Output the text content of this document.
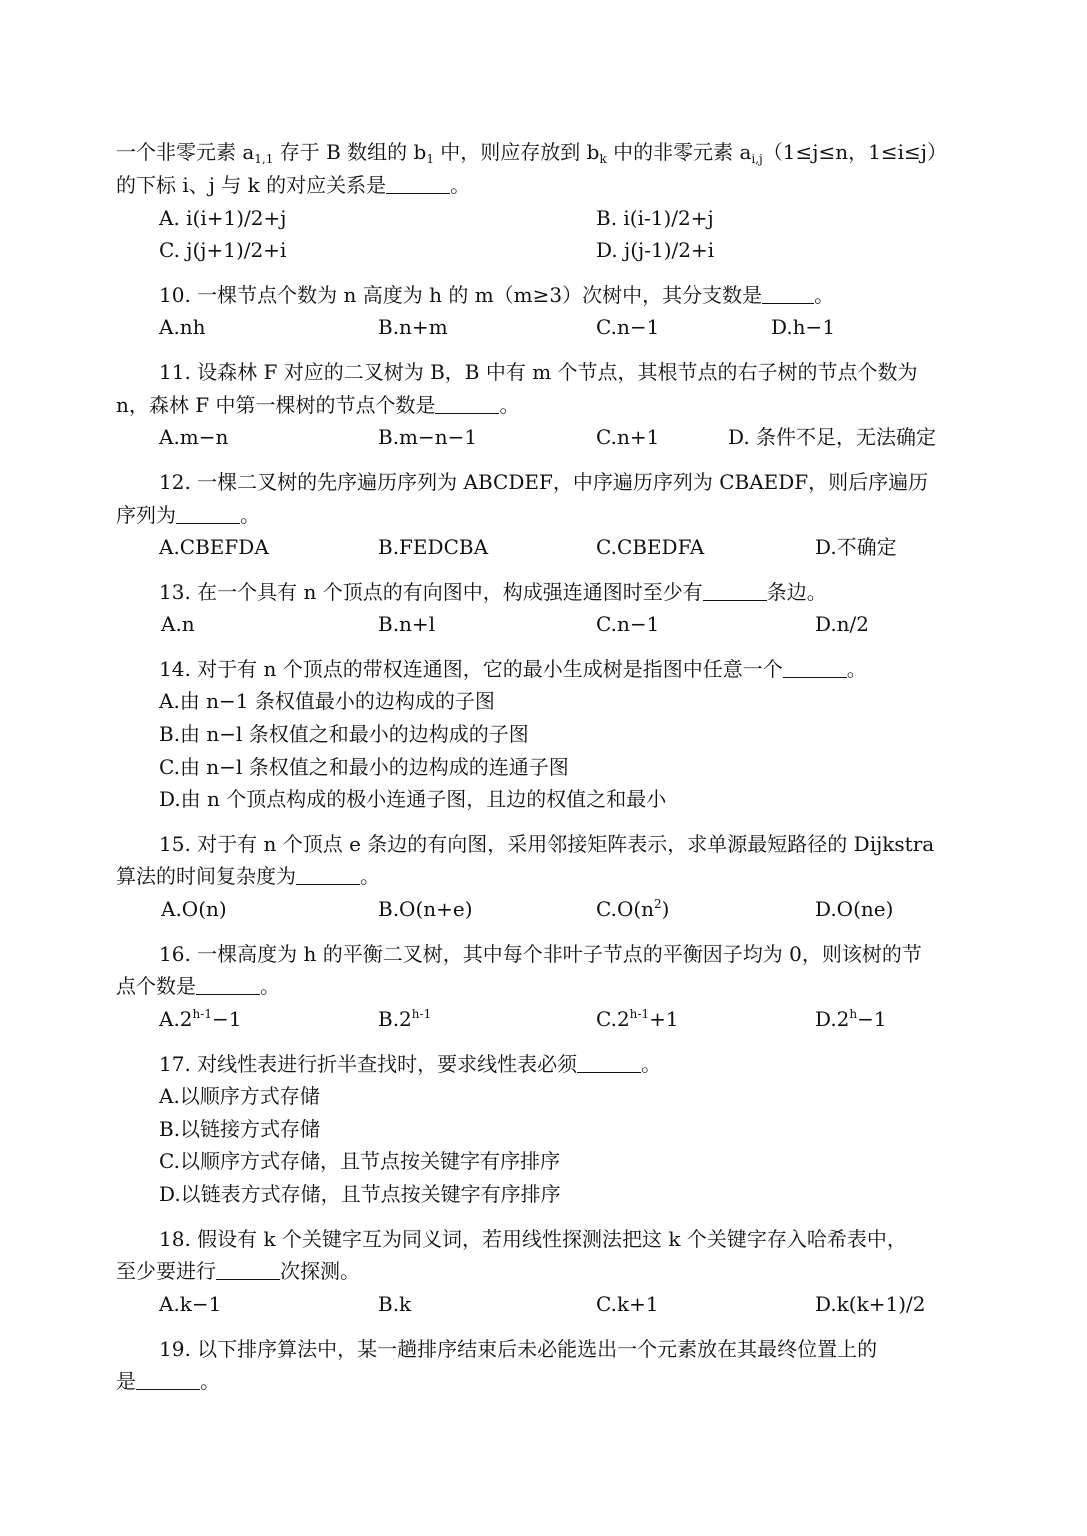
一个非零元素 $a_{1,1}$ 存于 B 数组的 $b_1$ 中，则应存放到 $b_k$ 中的非零元素 $a_{i,j}(1\le j\le n$，1≤i≤j）
的下标 i、j 与 k 的对应关系是	。
A. i(i+1)/2+j	B. i(i-1)/2+j
C. j(j+1)/2+i	D. j(j-1)/2+i
10. 一棵节点个数为 n 高度为 h 的 m（m≥3）次树中，其分支数是	。
A.nh	B.n+m	C.n−1	D.h−1
11. 设森林 F 对应的二叉树为 B，B 中有 m 个节点，其根节点的右子树的节点个数为
n，森林 F 中第一棵树的节点个数是	。
A.m−n	B.m−n−1	C.n+1	D. 条件不足，无法确定
12. 一棵二叉树的先序遍历序列为 ABCDEF，中序遍历序列为 CBAEDF，则后序遍历
序列为	。
A.CBEFDA	B.FEDCBA	C.CBEDFA	D.不确定
13. 在一个具有 n 个顶点的有向图中，构成强连通图时至少有	条边。
A.n	B.n+l	C.n−1	D.n/2
14. 对于有 n 个顶点的带权连通图，它的最小生成树是指图中任意一个	。
A.由 n−1 条权值最小的边构成的子图
B.由 n−l 条权值之和最小的边构成的子图
C.由 n−l 条权值之和最小的边构成的连通子图
D.由 n 个顶点构成的极小连通子图，且边的权值之和最小
15. 对于有 n 个顶点 e 条边的有向图，采用邻接矩阵表示，求单源最短路径的 Dijkstra
算法的时间复杂度为	。
A.O(n)	B.O(n+e)	$C.O(n^2)$	D.O(ne)
16. 一棵高度为 h 的平衡二叉树，其中每个非叶子节点的平衡因子均为 0，则该树的节
点个数是	。
$A.2^{h-1}-1$	B.2$^{h-1}$	$C.2^{h-1}+1$	D.2$^h$−1
17. 对线性表进行折半查找时，要求线性表必须	。
A.以顺序方式存储
B.以链接方式存储
C.以顺序方式存储，且节点按关键字有序排序
D.以链表方式存储，且节点按关键字有序排序
18. 假设有 k 个关键字互为同义词，若用线性探测法把这 k 个关键字存入哈希表中，
至少要进行	次探测。
A.k−1	B.k	C.k+1	D.k(k+1)/2
19. 以下排序算法中，某一趟排序结束后未必能选出一个元素放在其最终位置上的
是	。
